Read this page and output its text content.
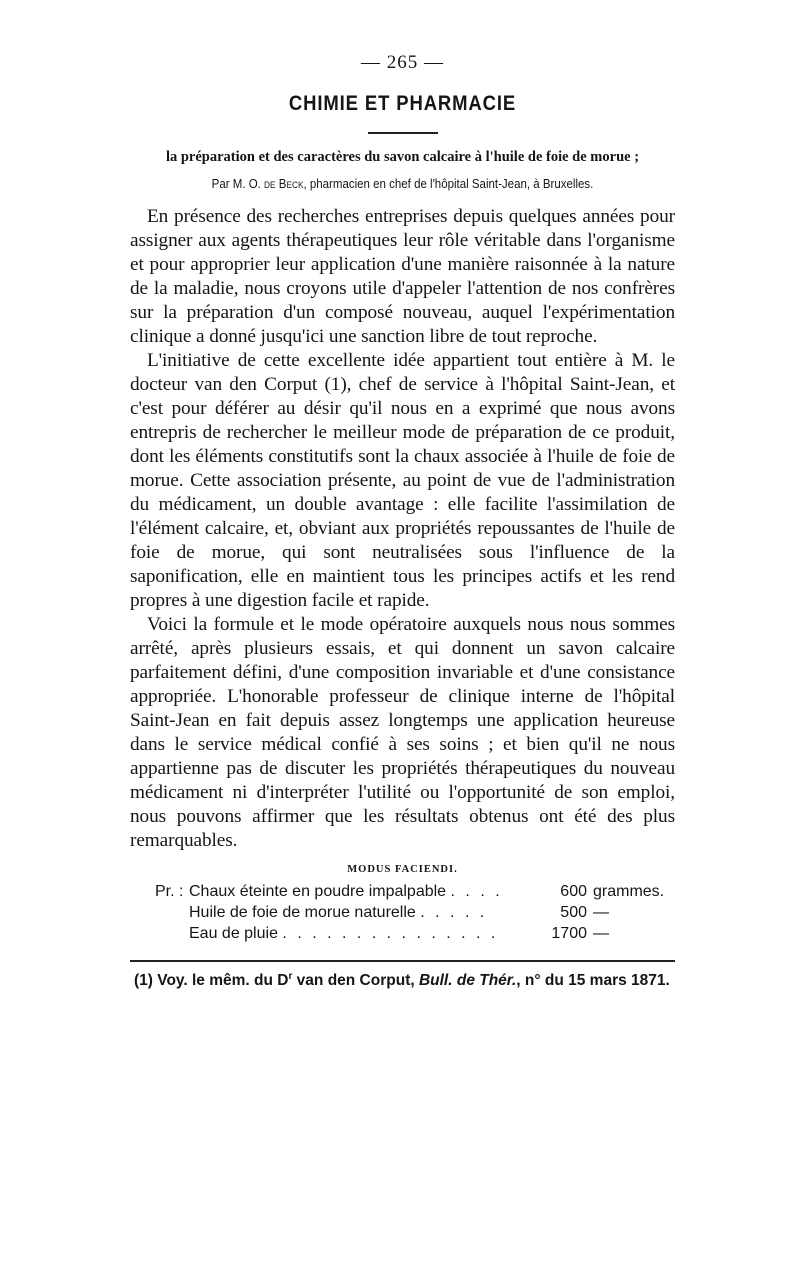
— 265 —
CHIMIE ET PHARMACIE
la préparation et des caractères du savon calcaire à l'huile de foie de morue ;
Par M. O. de Beck, pharmacien en chef de l'hôpital Saint-Jean, à Bruxelles.

En présence des recherches entreprises depuis quelques années pour assigner aux agents thérapeutiques leur rôle véritable dans l'organisme et pour approprier leur application d'une manière raisonnée à la nature de la maladie, nous croyons utile d'appeler l'attention de nos confrères sur la préparation d'un composé nouveau, auquel l'expérimentation clinique a donné jusqu'ici une sanction libre de tout reproche.

L'initiative de cette excellente idée appartient tout entière à M. le docteur van den Corput (1), chef de service à l'hôpital Saint-Jean, et c'est pour déférer au désir qu'il nous en a exprimé que nous avons entrepris de rechercher le meilleur mode de préparation de ce produit, dont les éléments constitutifs sont la chaux associée à l'huile de foie de morue. Cette association présente, au point de vue de l'administration du médicament, un double avantage : elle facilite l'assimilation de l'élément calcaire, et, obviant aux propriétés repoussantes de l'huile de foie de morue, qui sont neutralisées sous l'influence de la saponification, elle en maintient tous les principes actifs et les rend propres à une digestion facile et rapide.

Voici la formule et le mode opératoire auxquels nous nous sommes arrêté, après plusieurs essais, et qui donnent un savon calcaire parfaitement défini, d'une composition invariable et d'une consistance appropriée. L'honorable professeur de clinique interne de l'hôpital Saint-Jean en fait depuis assez longtemps une application heureuse dans le service médical confié à ses soins ; et bien qu'il ne nous appartienne pas de discuter les propriétés thérapeutiques du nouveau médicament ni d'interpréter l'utilité ou l'opportunité de son emploi, nous pouvons affirmer que les résultats obtenus ont été des plus remarquables.

MODUS FACIENDI.
Pr. :	Chaux éteinte en poudre impalpable . . . .	600	grammes.
	Huile de foie de morue naturelle . . . . .	500	—
	Eau de pluie . . . . . . . . . . . . . . .	1700	—
(1) Voy. le mêm. du $D^r$ van den Corput, Bull. de Thér., n° du 15 mars 1871.
